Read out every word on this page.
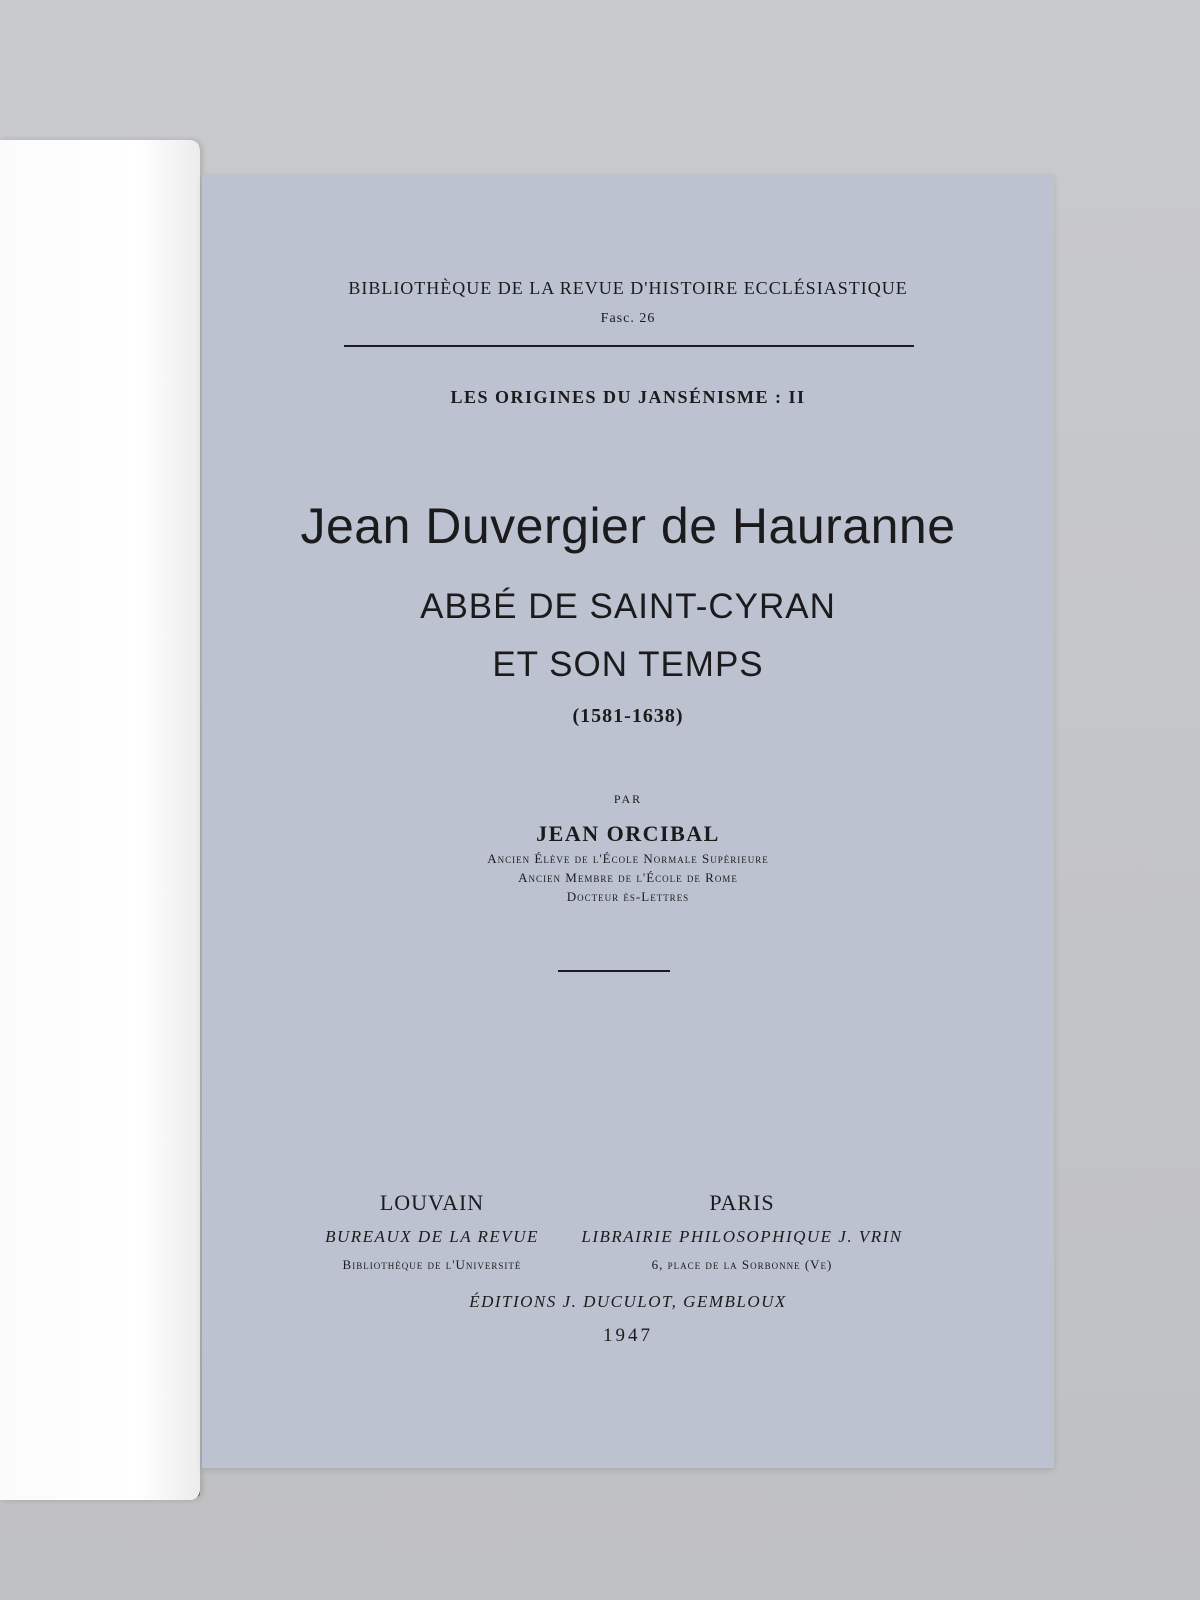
BIBLIOTHÈQUE DE LA REVUE D'HISTOIRE ECCLÉSIASTIQUE
Fasc. 26
LES ORIGINES DU JANSÉNISME : II
Jean Duvergier de Hauranne
ABBÉ DE SAINT-CYRAN
ET SON TEMPS
(1581-1638)
PAR
JEAN ORCIBAL
Ancien Élève de l'École Normale Supérieure
Ancien Membre de l'École de Rome
Docteur ès-Lettres
LOUVAIN	PARIS
BUREAUX DE LA REVUE	LIBRAIRIE PHILOSOPHIQUE J. VRIN
Bibliothèque de l'Université	6, place de la Sorbonne (Ve)
ÉDITIONS J. DUCULOT, GEMBLOUX
1947
